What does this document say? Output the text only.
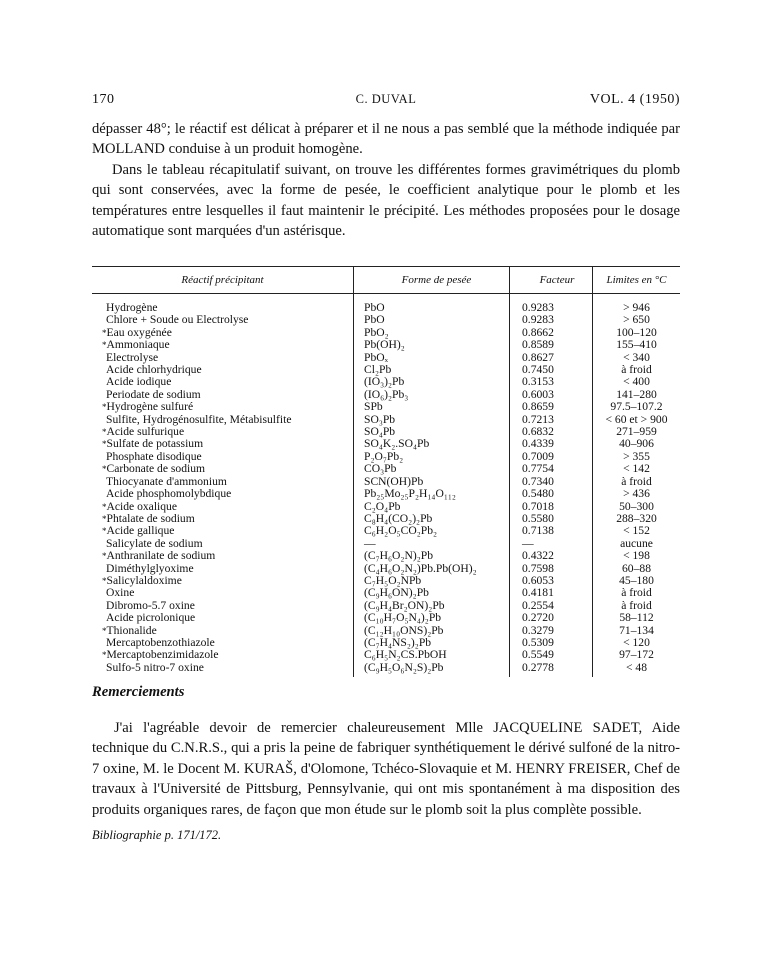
170	C. DUVAL	VOL. 4 (1950)

dépasser 48°; le réactif est délicat à préparer et il ne nous a pas semblé que la méthode indiquée par MOLLAND conduise à un produit homogène.

Dans le tableau récapitulatif suivant, on trouve les différentes formes gravimétriques du plomb qui sont conservées, avec la forme de pesée, le coefficient analytique pour le plomb et les températures entre lesquelles il faut maintenir le précipité. Les méthodes proposées pour le dosage automatique sont marquées d'un astérisque.

Réactif précipitant	Forme de pesée	Facteur	Limites en °C

Hydrogène	PbO	0.9283	> 946

Chlore + Soude ou Electrolyse	PbO	0.9283	> 650

*Eau oxygénée	PbO₂	0.8662	100–120

*Ammoniaque	Pb(OH)₂	0.8589	155–410

Electrolyse	PbOₓ	0.8627	< 340

Acide chlorhydrique	Cl₂Pb	0.7450	à froid

Acide iodique	(IO₃)₂Pb	0.3153	< 400

Periodate de sodium	(IO₆)₂Pb₃	0.6003	141–280

*Hydrogène sulfuré	SPb	0.8659	97.5–107.2

Sulfite, Hydrogénosulfite, Métabisulfite	SO₃Pb	0.7213	< 60 et > 900

*Acide sulfurique	SO₄Pb	0.6832	271–959

*Sulfate de potassium	SO₄K₂.SO₄Pb	0.4339	40–906

Phosphate disodique	P₂O₇Pb₂	0.7009	> 355

*Carbonate de sodium	CO₃Pb	0.7754	< 142

Thiocyanate d'ammonium	SCN(OH)Pb	0.7340	à froid

Acide phosphomolybdique	Pb₂₅Mo₂₅P₂H₁₄O₁₁₂	0.5480	> 436

*Acide oxalique	C₂O₄Pb	0.7018	50–300

*Phtalate de sodium	C₈H₄(CO₂)₂Pb	0.5580	288–320

*Acide gallique	C₆H₂O₅CO₂Pb₂	0.7138	< 152

Salicylate de sodium	—	—	aucune

*Anthranilate de sodium	(C₇H₆O₂N)₂Pb	0.4322	< 198

Diméthylglyoxime	(C₄H₆O₂N₂)Pb.Pb(OH)₂	0.7598	60–88

*Salicylaldoxime	C₇H₅O₂NPb	0.6053	45–180

Oxine	(C₉H₆ON)₂Pb	0.4181	à froid

Dibromo-5.7 oxine	(C₉H₄Br₂ON)₂Pb	0.2554	à froid

Acide picrolonique	(C₁₀H₇O₅N₄)₂Pb	0.2720	58–112

*Thionalide	(C₁₂H₁₀ONS)₂Pb	0.3279	71–134

Mercaptobenzothiazole	(C₇H₄NS₂)₂Pb	0.5309	< 120

*Mercaptobenzimidazole	C₆H₅N₂CS.PbOH	0.5549	97–172

Sulfo-5 nitro-7 oxine	(C₉H₅O₆N₂S)₂Pb	0.2778	< 48
Remerciements

J'ai l'agréable devoir de remercier chaleureusement Mlle JACQUELINE SADET, Aide technique du C.N.R.S., qui a pris la peine de fabriquer synthétiquement le dérivé sulfoné de la nitro-7 oxine, M. le Docent M. KURAŠ, d'Olomone, Tchéco-Slovaquie et M. HENRY FREISER, Chef de travaux à l'Université de Pittsburg, Pennsylvanie, qui ont mis spontanément à ma disposition des produits organiques rares, de façon que mon étude sur le plomb soit la plus complète possible.

Bibliographie p. 171/172.
